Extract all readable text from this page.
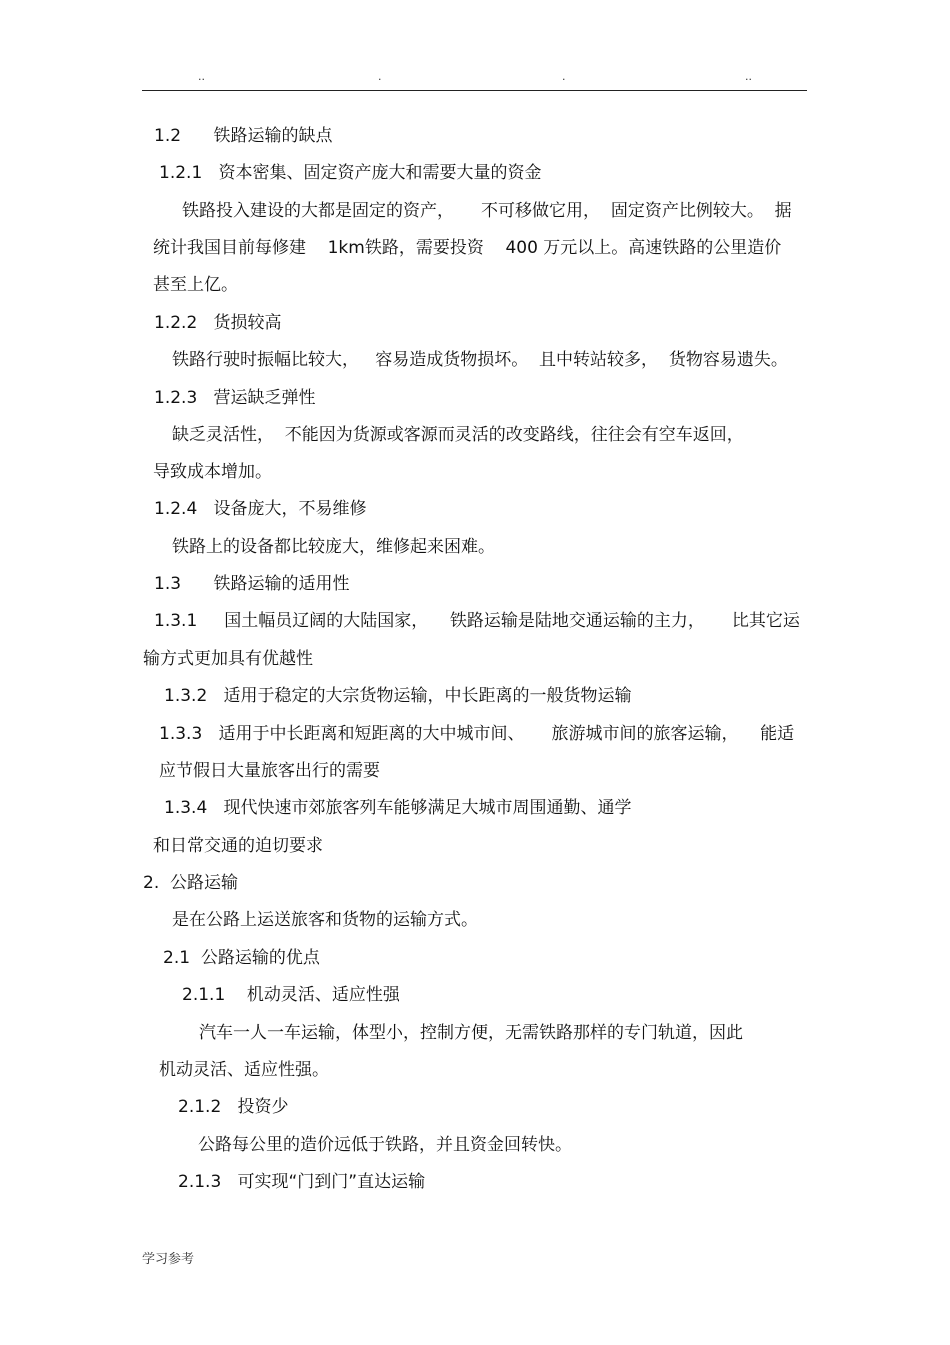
..	.	.	..
1.2      铁路运输的缺点
1.2.1   资本密集、固定资产庞大和需要大量的资金
铁路投入建设的大都是固定的资产，     不可移做它用，  固定资产比例较大。  据
统计我国目前每修建    1km铁路，需要投资    400 万元以上。高速铁路的公里造价
甚至上亿。
1.2.2   货损较高
铁路行驶时振幅比较大，   容易造成货物损坏。  且中转站较多，  货物容易遗失。
1.2.3   营运缺乏弹性
缺乏灵活性，  不能因为货源或客源而灵活的改变路线，往往会有空车返回，
导致成本增加。
1.2.4   设备庞大，不易维修
铁路上的设备都比较庞大，维修起来困难。
1.3      铁路运输的适用性
1.3.1     国土幅员辽阔的大陆国家，    铁路运输是陆地交通运输的主力，     比其它运
输方式更加具有优越性
1.3.2   适用于稳定的大宗货物运输，中长距离的一般货物运输
1.3.3   适用于中长距离和短距离的大中城市间、     旅游城市间的旅客运输，    能适
应节假日大量旅客出行的需要
1.3.4   现代快速市郊旅客列车能够满足大城市周围通勤、通学
和日常交通的迫切要求
2.  公路运输
是在公路上运送旅客和货物的运输方式。
2.1  公路运输的优点
2.1.1    机动灵活、适应性强
汽车一人一车运输，体型小，控制方便，无需铁路那样的专门轨道，因此
机动灵活、适应性强。
2.1.2   投资少
公路每公里的造价远低于铁路，并且资金回转快。
2.1.3   可实现“门到门”直达运输
学习参考
